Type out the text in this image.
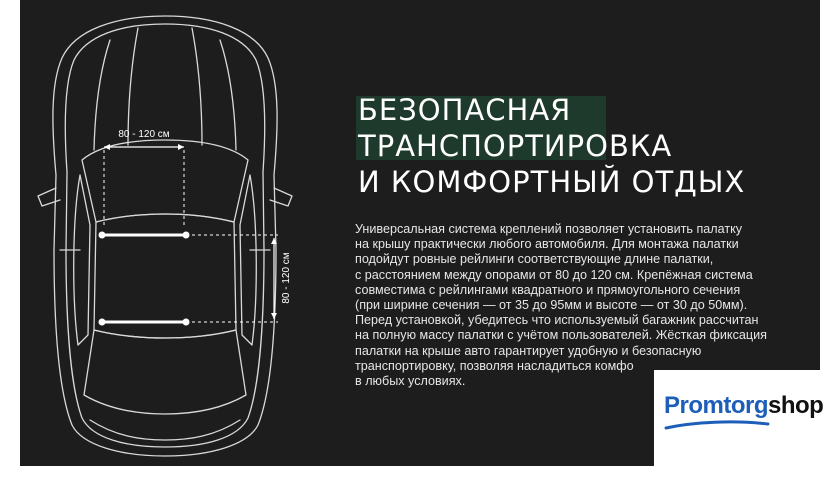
80 - 120 см
80 - 120 см
БЕЗОПАСНАЯ
ТРАНСПОРТИРОВКА
И КОМФОРТНЫЙ ОТДЫХ
Универсальная система креплений позволяет установить палатку
на крышу практически любого автомобиля. Для монтажа палатки
подойдут ровные рейлинги соответствующие длине палатки,
с расстоянием между опорами от 80 до 120 см. Крепёжная система
совместима с рейлингами квадратного и прямоугольного сечения
(при ширине сечения — от 35 до 95мм и высоте — от 30 до 50мм).
Перед установкой, убедитесь что используемый багажник рассчитан
на полную массу палатки с учётом пользователей. Жёсткая фиксация
палатки на крыше авто гарантирует удобную и безопасную
транспортировку, позволяя насладиться комфо
в любых условиях.
Promtorgshop
